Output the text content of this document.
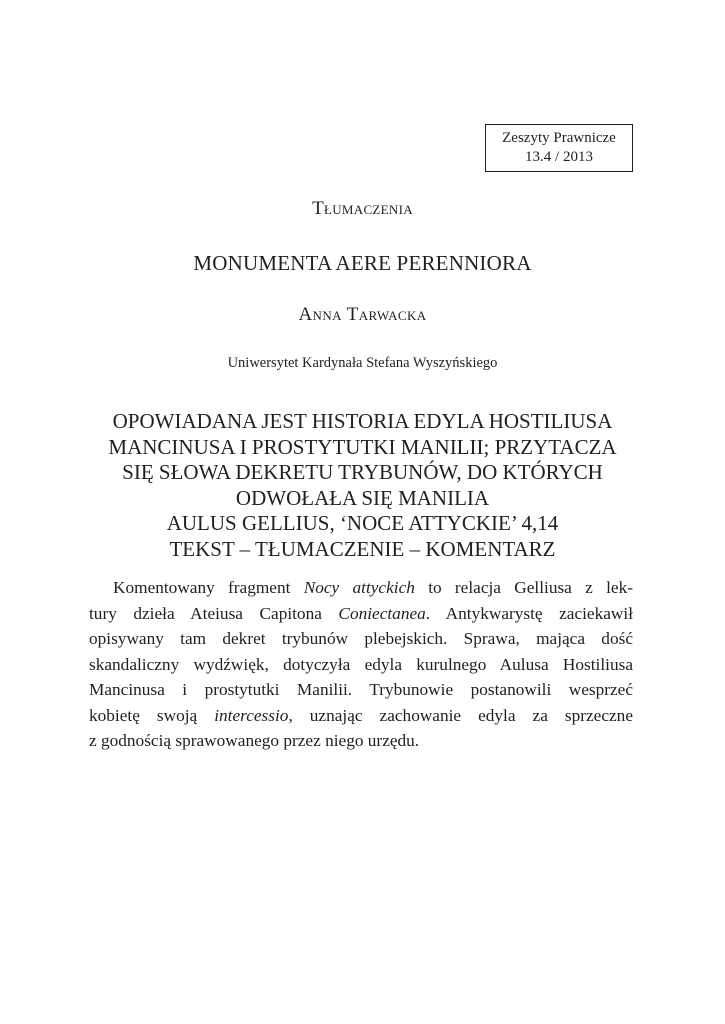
Zeszyty Prawnicze
13.4 / 2013
Tłumaczenia
MONUMENTA AERE PERENNIORA
Anna Tarwacka
Uniwersytet Kardynała Stefana Wyszyńskiego
OPOWIADANA JEST HISTORIA EDYLA HOSTILIUSA
MANCINUSA I PROSTYTUTKI MANILII; PRZYTACZA
SIĘ SŁOWA DEKRETU TRYBUNÓW, DO KTÓRYCH
ODWOŁAŁA SIĘ MANILIA
AULUS GELLIUS, ‘NOCE ATTYCKIE’ 4,14
TEKST – TŁUMACZENIE – KOMENTARZ
Komentowany fragment Nocy attyckich to relacja Gelliusa z lek-
tury dzieła Ateiusa Capitona Coniectanea. Antykwarystę zaciekawił
opisywany tam dekret trybunów plebejskich. Sprawa, mająca dość
skandaliczny wydźwięk, dotyczyła edyla kurulnego Aulusa Hostiliusa
Mancinusa i prostytutki Manilii. Trybunowie postanowili wesprzeć
kobietę swoją intercessio, uznając zachowanie edyla za sprzeczne
z godnością sprawowanego przez niego urzędu.
